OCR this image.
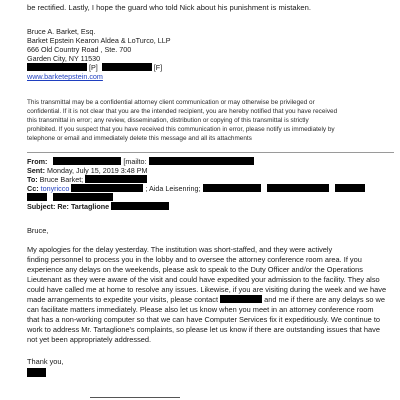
be rectified. Lastly, I hope the guard who told Nick about his punishment is mistaken.
Bruce A. Barket, Esq.
Barket Epstein Kearon Aldea & LoTurco, LLP
666 Old Country Road , Ste. 700
Garden City, NY 11530
[P]	[F]
www.barketepstein.com
This transmittal may be a confidential attorney client communication or may otherwise be privileged or
confidential. If it is not clear that you are the intended recipient, you are hereby notified that you have received
this transmittal in error; any review, dissemination, distribution or copying of this transmittal is strictly
prohibited. If you suspect that you have received this communication in error, please notify us immediately by
telephone or email and immediately delete this message and all its attachments
From:	[mailto:
Sent: Monday, July 15, 2019 3:48 PM
To: Bruce Barket;
Cc: tonyricco	; Aida Leisenring;

Subject: Re: Tartaglione
Bruce,
My apologies for the delay yesterday. The institution was short-staffed, and they were actively
finding personnel to process you in the lobby and to oversee the attorney conference room area. If you
experience any delays on the weekends, please ask to speak to the Duty Officer and/or the Operations
Lieutenant as they were aware of the visit and could have expedited your admission to the facility. They also
could have called me at home to resolve any issues. Likewise, if you are visiting during the week and we have
made arrangements to expedite your visits, please contact	and me if there are any delays so we
can facilitate matters immediately. Please also let us know when you meet in an attorney conference room
that has a non-working computer so that we can have Computer Services fix it expeditiously. We continue to
work to address Mr. Tartaglione's complaints, so please let us know if there are outstanding issues that have
not yet been appropriately addressed.
Thank you,
